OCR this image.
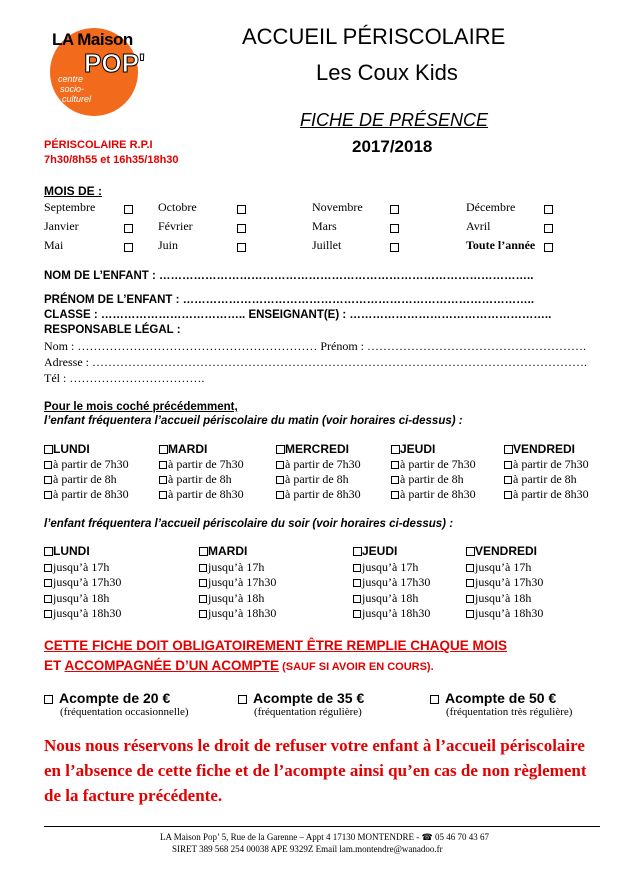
LA Maison
POP'
centre
socio-
culturel
ACCUEIL PÉRISCOLAIRE
Les Coux Kids
FICHE DE PRÉSENCE
2017/2018
PÉRISCOLAIRE R.P.I
7h30/8h55 et 16h35/18h30
MOIS DE :
Septembre
Janvier
Mai
Octobre
Février
Juin
Novembre
Mars
Juillet
Décembre
Avril
Toute l’année
NOM DE L’ENFANT : ……………………………………………………………………………………..
PRÉNOM DE L’ENFANT : ………………………………………………………………………………..
CLASSE : ……………………………….. ENSEIGNANT(E) : ……………………………………………..
RESPONSABLE LÉGAL :
Nom : …………………………………………………… Prénom : ……………………………………………….
Adresse : …………………………………………………………………………………………………………….
Tél : …………………………….
Pour le mois coché précédemment,
l’enfant fréquentera l’accueil périscolaire du matin (voir horaires ci-dessus) :
LUNDI
à partir de 7h30
à partir de 8h
à partir de 8h30
MARDI
à partir de 7h30
à partir de 8h
à partir de 8h30
MERCREDI
à partir de 7h30
à partir de 8h
à partir de 8h30
JEUDI
à partir de 7h30
à partir de 8h
à partir de 8h30
VENDREDI
à partir de 7h30
à partir de 8h
à partir de 8h30
l’enfant fréquentera l’accueil périscolaire du soir (voir horaires ci-dessus) :
LUNDI
jusqu’à 17h
jusqu’à 17h30
jusqu’à 18h
jusqu’à 18h30
MARDI
jusqu’à 17h
jusqu’à 17h30
jusqu’à 18h
jusqu’à 18h30
JEUDI
jusqu’à 17h
jusqu’à 17h30
jusqu’à 18h
jusqu’à 18h30
VENDREDI
jusqu’à 17h
jusqu’à 17h30
jusqu’à 18h
jusqu’à 18h30
CETTE FICHE DOIT OBLIGATOIREMENT ÊTRE REMPLIE CHAQUE MOIS
ET ACCOMPAGNÉE D’UN ACOMPTE (SAUF SI AVOIR EN COURS).
Acompte de 20 €
(fréquentation occasionnelle)
Acompte de 35 €
(fréquentation régulière)
Acompte de 50 €
(fréquentation très régulière)
Nous nous réservons le droit de refuser votre enfant à l’accueil périscolaire en l’absence de cette fiche et de l’acompte ainsi qu’en cas de non règlement de la facture précédente.
LA Maison Pop’ 5, Rue de la Garenne – Appt 4 17130 MONTENDRE - ☎ 05 46 70 43 67
SIRET 389 568 254 00038 APE 9329Z Email lam.montendre@wanadoo.fr
